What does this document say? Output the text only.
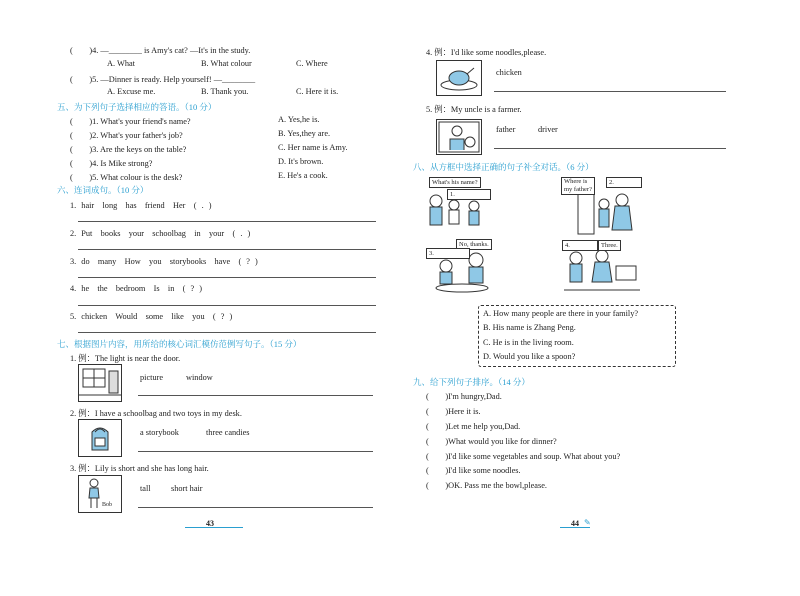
(　　)4. —________ is Amy's cat? —It's in the study.
A. What	B. What colour	C. Where
(　　)5. —Dinner is ready. Help yourself! —________
A. Excuse me.	B. Thank you.	C. Here it is.
五、为下列句子选择相应的答语。（10 分）
(　　)1. What's your friend's name?	A. Yes,he is.
(　　)2. What's your father's job?	B. Yes,they are.
(　　)3. Are the keys on the table?	C. Her name is Amy.
(　　)4. Is Mike strong?	D. It's brown.
(　　)5. What colour is the desk?	E. He's a cook.
六、连词成句。（10 分）
1. hair　long　has　friend　Her　( . )
2. Put　books　your　schoolbag　in　your　( . )
3. do　many　How　you　storybooks　have　( ? )
4. he　the　bedroom　Is　in　( ? )
5. chicken　Would　some　like　you　( ? )
七、根据图片内容，用所给的核心词汇模仿范例写句子。（15 分）
1. 例：The light is near the door.
picture	window
2. 例：I have a schoolbag and two toys in my desk.
a storybook	three candies
3. 例：Lily is short and she has long hair.
Bob
tall short hair
43
4. 例：I'd like some noodles,please.
chicken
5. 例：My uncle is a farmer.
father	driver
八、从方框中选择正确的句子补全对话。（6 分）
What's his name?
1.
Where is
my father?
2.
No, thanks.
3.
4.	Three.
A. How many people are there in your family?
B. His name is Zhang Peng.
C. He is in the living room.
D. Would you like a spoon?
九、给下列句子排序。（14 分）
(　　)I'm hungry,Dad.
(　　)Here it is.
(　　)Let me help you,Dad.
(　　)What would you like for dinner?
(　　)I'd like some vegetables and soup. What about you?
(　　)I'd like some noodles.
(　　)OK. Pass me the bowl,please.
44 ✎
